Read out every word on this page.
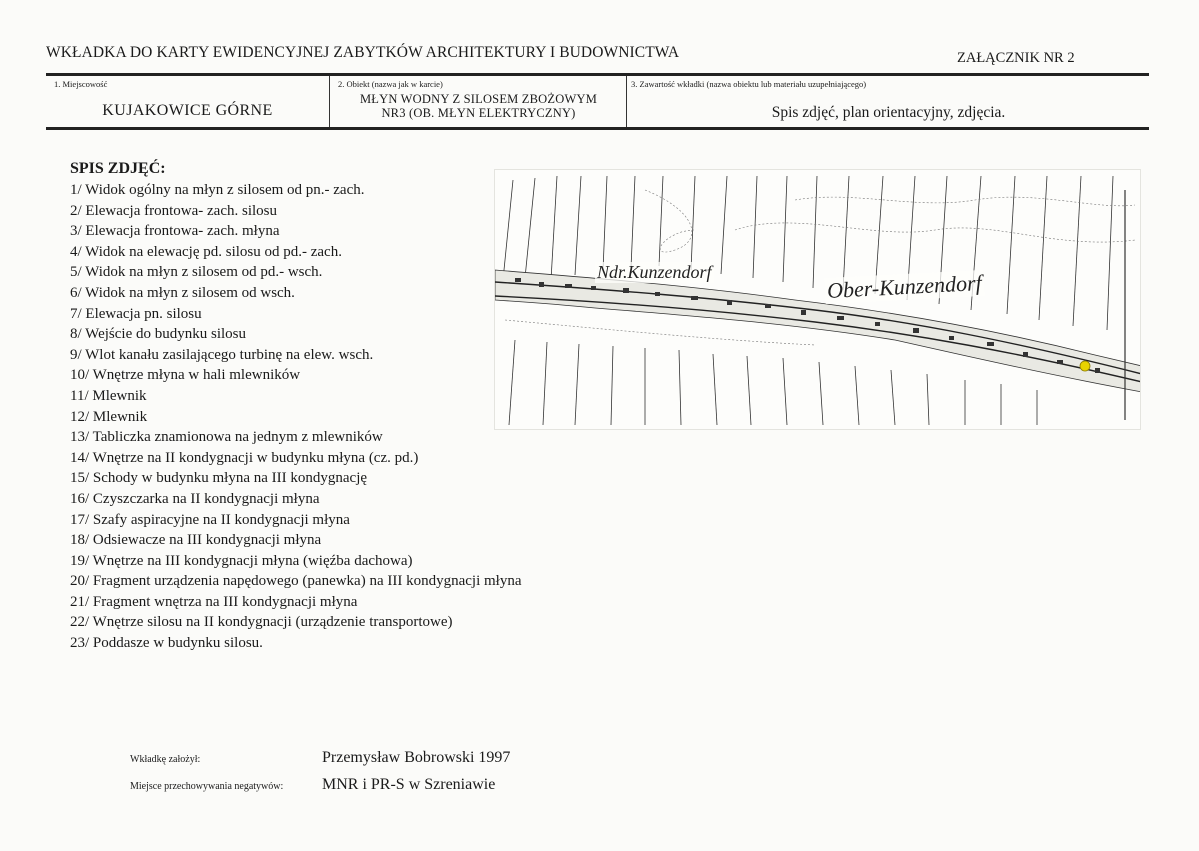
WKŁADKA DO KARTY EWIDENCYJNEJ ZABYTKÓW ARCHITEKTURY I BUDOWNICTWA	ZAŁĄCZNIK NR 2
1. Miejscowość
KUJAKOWICE GÓRNE
2. Obiekt (nazwa jak w karcie)
MŁYN WODNY Z SILOSEM ZBOŻOWYM
NR3 (OB. MŁYN ELEKTRYCZNY)
3. Zawartość wkładki (nazwa obiektu lub materiału uzupełniającego)
Spis zdjęć, plan orientacyjny, zdjęcia.
SPIS ZDJĘĆ:
1/ Widok ogólny na młyn z silosem od pn.- zach.
2/ Elewacja frontowa- zach. silosu
3/ Elewacja frontowa- zach. młyna
4/ Widok na elewację pd. silosu od pd.- zach.
5/ Widok na młyn z silosem od pd.- wsch.
6/ Widok na młyn z silosem od wsch.
7/ Elewacja pn. silosu
8/ Wejście do budynku silosu
9/ Wlot kanału zasilającego turbinę na elew. wsch.
10/ Wnętrze młyna w hali mlewników
11/ Mlewnik
12/ Mlewnik
13/ Tabliczka znamionowa na jednym z mlewników
14/ Wnętrze na II kondygnacji w budynku młyna (cz. pd.)
15/ Schody w budynku młyna na III kondygnację
16/ Czyszczarka na II kondygnacji młyna
17/ Szafy aspiracyjne na II kondygnacji młyna
18/ Odsiewacze na III kondygnacji młyna
19/ Wnętrze na III kondygnacji młyna (więźba dachowa)
20/ Fragment urządzenia napędowego (panewka) na III kondygnacji młyna
21/ Fragment wnętrza na III kondygnacji młyna
22/ Wnętrze silosu na II kondygnacji (urządzenie transportowe)
23/ Poddasze w budynku silosu.
Ndr.Kunzendorf	Ober-Kunzendorf
Wkładkę założył:	Przemysław Bobrowski 1997
Miejsce przechowywania negatywów: MNR i PR-S w Szreniawie
